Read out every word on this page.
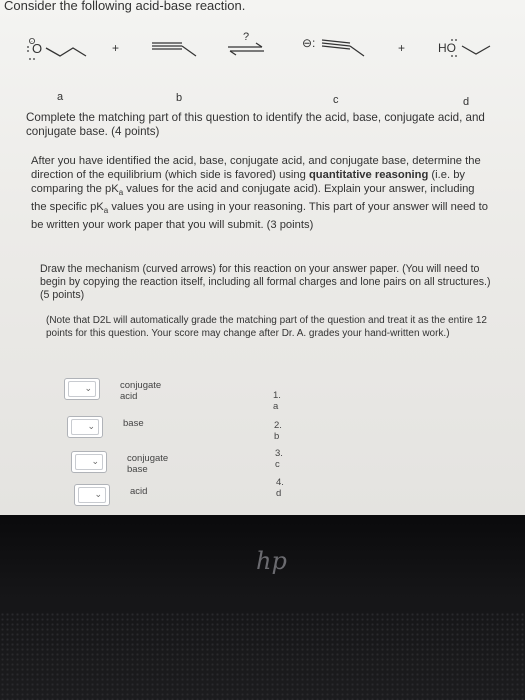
Consider the following acid-base reaction.
O
−	+
?	⊖:	+	HO
a	b	c	d
Complete the matching part of this question to identify the acid, base, conjugate acid, and conjugate base. (4 points)
After you have identified the acid, base, conjugate acid, and conjugate base, determine the direction of the equilibrium (which side is favored) using quantitative reasoning (i.e. by comparing the $pK_a$ values for the acid and conjugate acid). Explain your answer, including the specific $pK_a$ values you are using in your reasoning. This part of your answer will need to be written your work paper that you will submit. (3 points)
Draw the mechanism (curved arrows) for this reaction on your answer paper. (You will need to begin by copying the reaction itself, including all formal charges and lone pairs on all structures.) (5 points)
(Note that D2L will automatically grade the matching part of the question and treat it as the entire 12 points for this question. Your score may change after Dr. A. grades your hand-written work.)
⌄	conjugate acid
⌄	base
⌄	conjugate base
⌄	acid
1. a
2. b
3. c
4. d
hp
